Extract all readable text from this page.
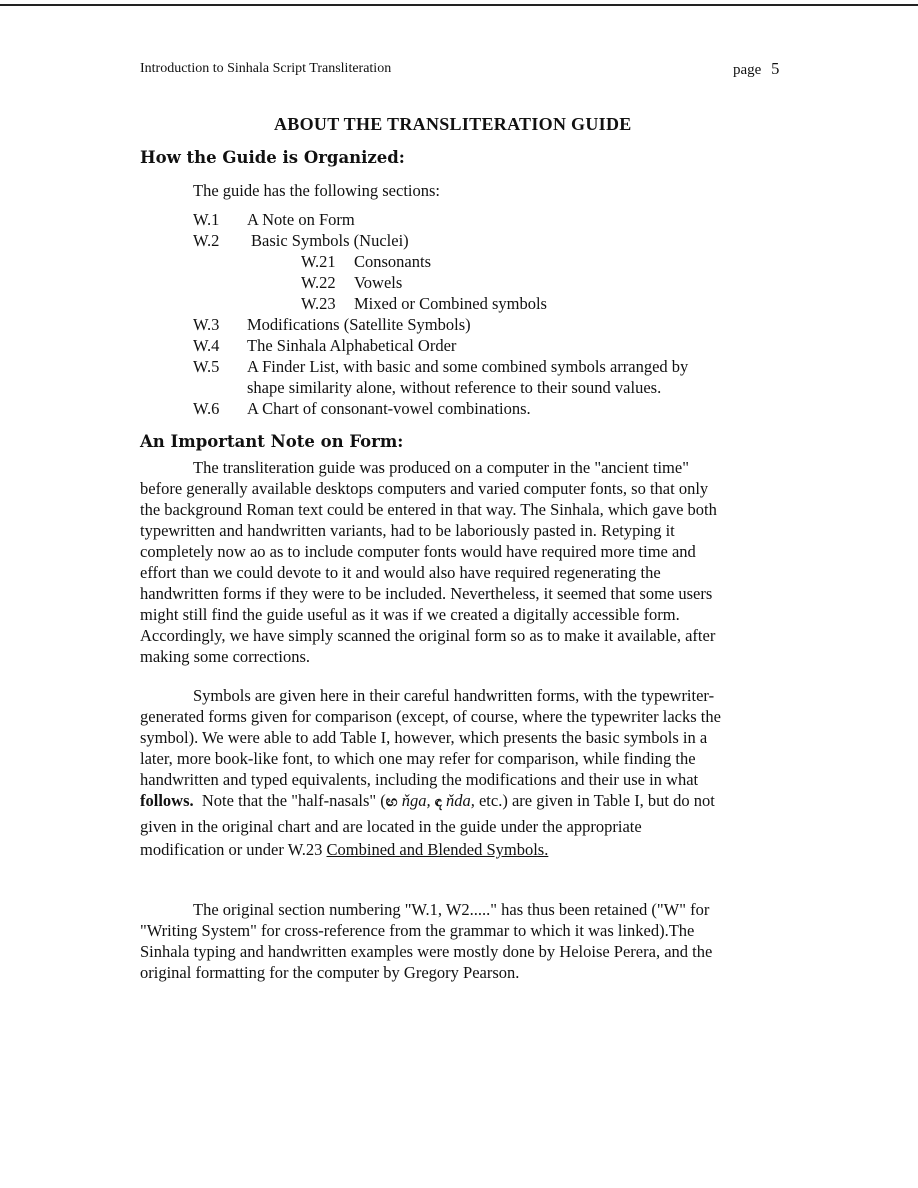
Introduction to Sinhala Script Transliteration	page 5
ABOUT THE TRANSLITERATION GUIDE
How the Guide is Organized:
The guide has the following sections:
W.1 A Note on Form
W.2 Basic Symbols (Nuclei)
W.21 Consonants
W.22 Vowels
W.23 Mixed or Combined symbols
W.3 Modifications (Satellite Symbols)
W.4 The Sinhala Alphabetical Order
W.5 A Finder List, with basic and some combined symbols arranged by
shape similarity alone, without reference to their sound values.
W.6 A Chart of consonant-vowel combinations.
An Important Note on Form:
The transliteration guide was produced on a computer in the "ancient time"
before generally available desktops computers and varied computer fonts, so that only
the background Roman text could be entered in that way. The Sinhala, which gave both
typewritten and handwritten variants, had to be laboriously pasted in. Retyping it
completely now ao as to include computer fonts would have required more time and
effort than we could devote to it and would also have required regenerating the
handwritten forms if they were to be included. Nevertheless, it seemed that some users
might still find the guide useful as it was if we created a digitally accessible form.
Accordingly, we have simply scanned the original form so as to make it available, after
making some corrections.
Symbols are given here in their careful handwritten forms, with the typewriter-
generated forms given for comparison (except, of course, where the typewriter lacks the
symbol). We were able to add Table I, however, which presents the basic symbols in a
later, more book-like font, to which one may refer for comparison, while finding the
handwritten and typed equivalents, including the modifications and their use in what
follows.  Note that the "half-nasals" (ඟ ňga, ඳ ňda, etc.) are given in Table I, but do not
given in the original chart and are located in the guide under the appropriate
modification or under W.23 Combined and Blended Symbols.
The original section numbering "W.1, W2....." has thus been retained ("W" for
"Writing System" for cross-reference from the grammar to which it was linked).The
Sinhala typing and handwritten examples were mostly done by Heloise Perera, and the
original formatting for the computer by Gregory Pearson.
